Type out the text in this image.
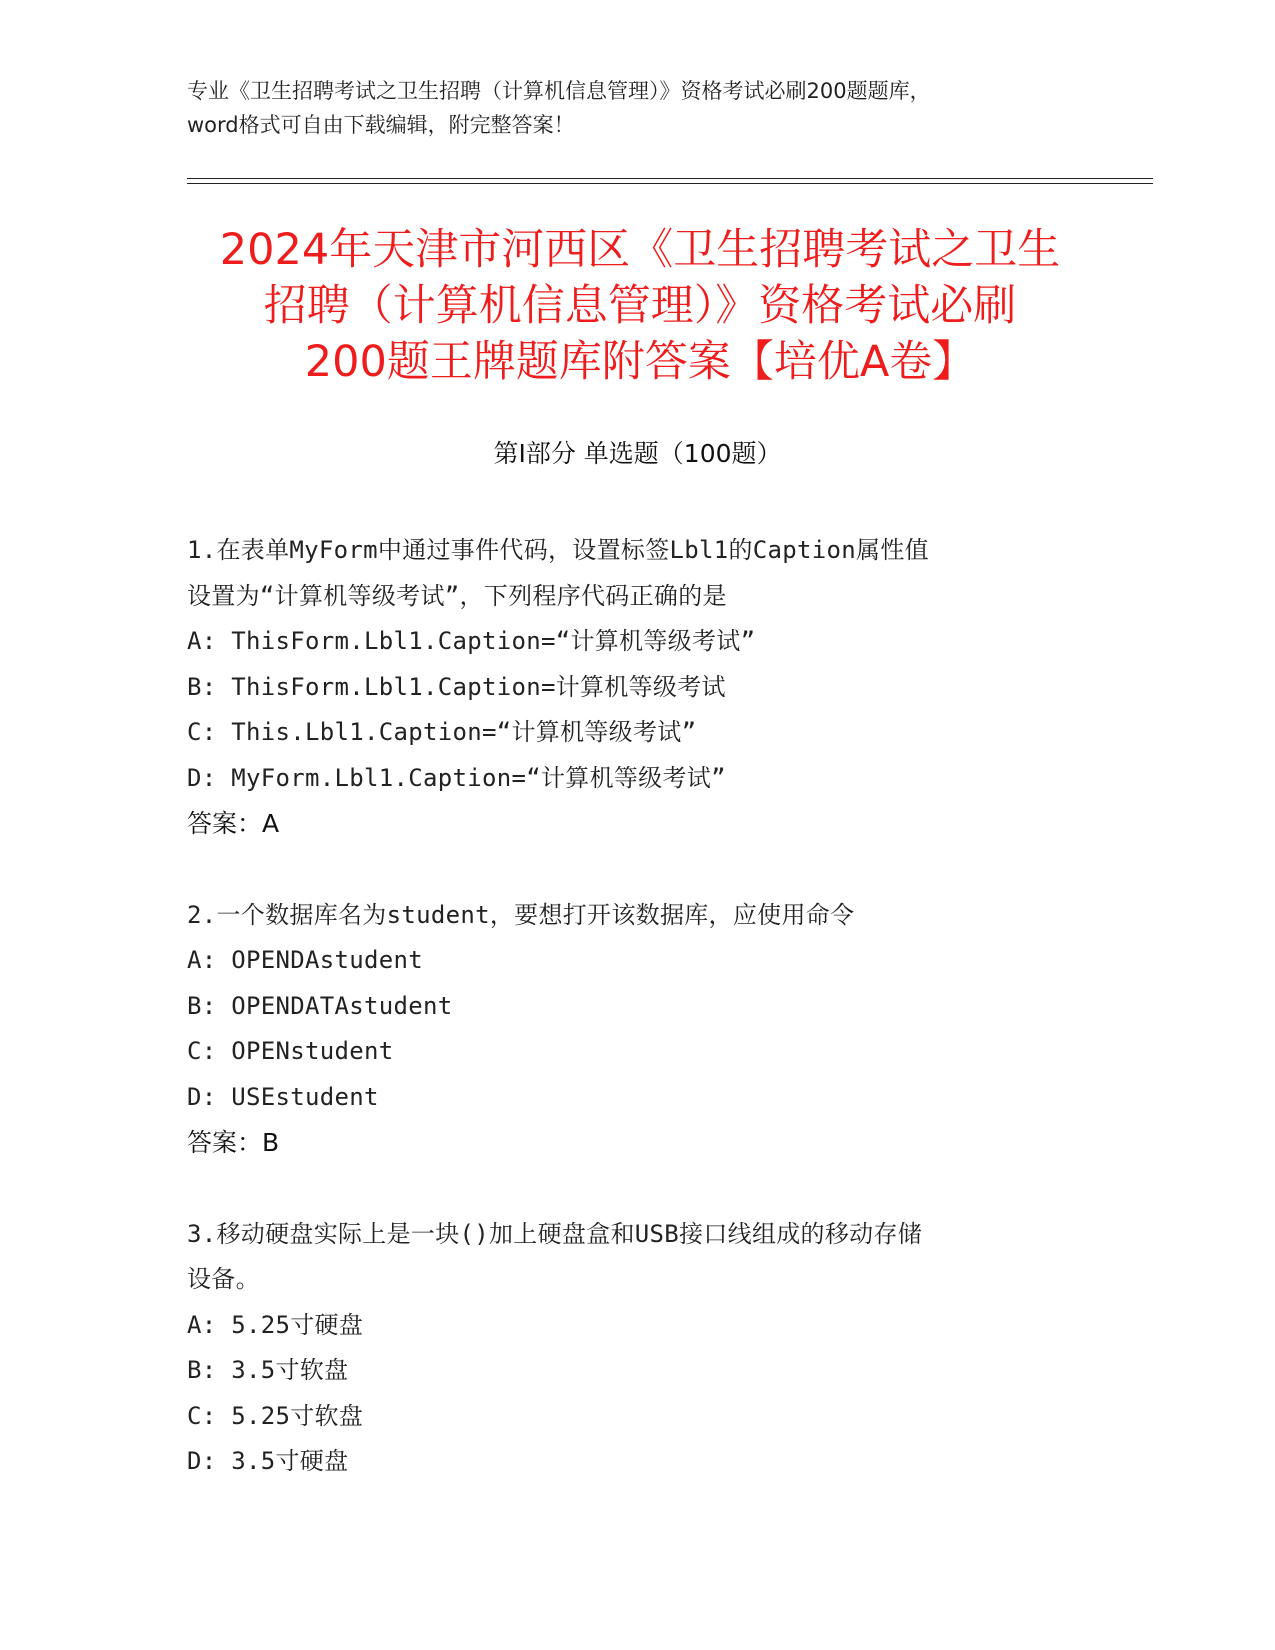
专业《卫生招聘考试之卫生招聘（计算机信息管理）》资格考试必刷200题题库，
word格式可自由下载编辑，附完整答案！
2024年天津市河西区《卫生招聘考试之卫生
招聘（计算机信息管理）》资格考试必刷
200题王牌题库附答案【培优A卷】
第Ⅰ部分 单选题（100题）
1.在表单MyForm中通过事件代码，设置标签Lbl1的Caption属性值
设置为“计算机等级考试”，下列程序代码正确的是
A: ThisForm.Lbl1.Caption=“计算机等级考试”
B: ThisForm.Lbl1.Caption=计算机等级考试
C: This.Lbl1.Caption=“计算机等级考试”
D: MyForm.Lbl1.Caption=“计算机等级考试”
答案：A
2.一个数据库名为student，要想打开该数据库，应使用命令
A: OPENDAstudent
B: OPENDATAstudent
C: OPENstudent
D: USEstudent
答案：B
3.移动硬盘实际上是一块()加上硬盘盒和USB接口线组成的移动存储
设备。
A: 5.25寸硬盘
B: 3.5寸软盘
C: 5.25寸软盘
D: 3.5寸硬盘
